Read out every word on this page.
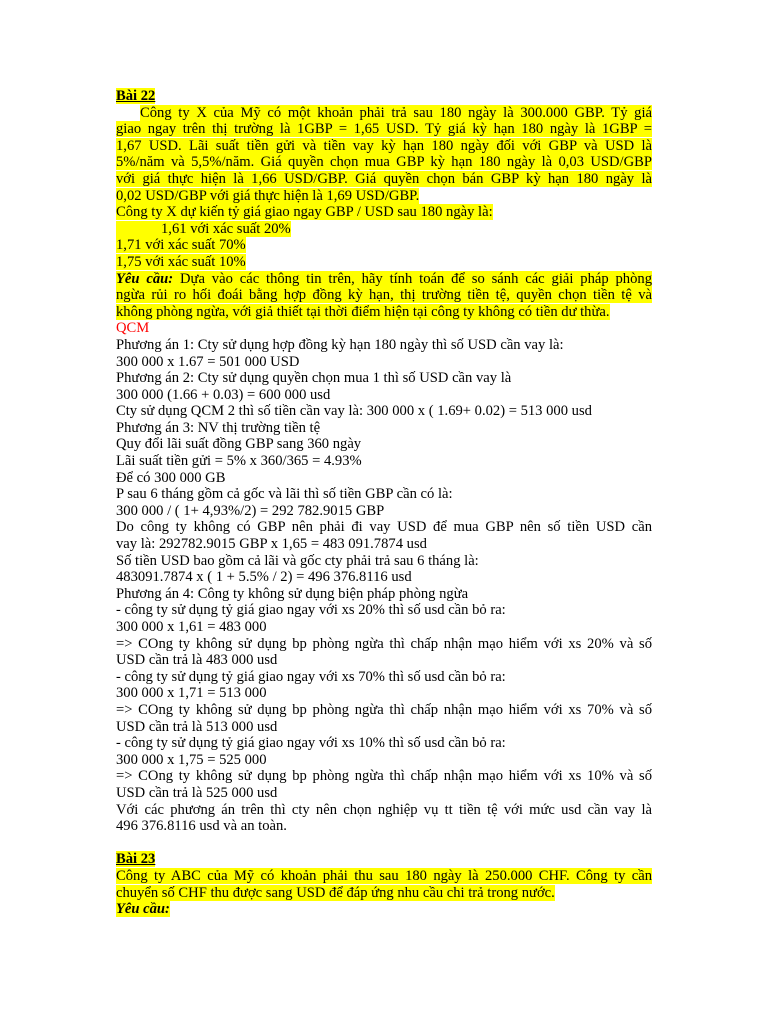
Bài 22
Công ty X của Mỹ có một khoản phải trả sau 180 ngày là 300.000 GBP. Tỷ giá
giao ngay trên thị trường là 1GBP = 1,65 USD. Tỷ giá kỳ hạn 180 ngày là 1GBP =
1,67 USD. Lãi suất tiền gửi và tiền vay kỳ hạn 180 ngày đối với GBP và USD là
5%/năm và 5,5%/năm. Giá quyền chọn mua GBP kỳ hạn 180 ngày là 0,03 USD/GBP
với giá thực hiện là 1,66 USD/GBP. Giá quyền chọn bán GBP kỳ hạn 180 ngày là
0,02 USD/GBP với giá thực hiện là 1,69 USD/GBP.
Công ty X dự kiến tỷ giá giao ngay GBP / USD sau 180 ngày là:
1,61 với xác suất 20%
1,71 với xác suất 70%
1,75 với xác suất 10%
Yêu cầu: Dựa vào các thông tin trên, hãy tính toán để so sánh các giải pháp phòng
ngừa rủi ro hối đoái bằng hợp đồng kỳ hạn, thị trường tiền tệ, quyền chọn tiền tệ và
không phòng ngừa, với giả thiết tại thời điểm hiện tại công ty không có tiền dư thừa.
QCM
Phương án 1: Cty sử dụng hợp đồng kỳ hạn 180 ngày thì số USD cần vay là:
300 000 x 1.67 = 501 000 USD
Phương án 2: Cty sử dụng quyền chọn mua 1 thì số USD cần vay là
300 000 (1.66 + 0.03) = 600 000 usd
Cty sử dụng QCM 2 thì số tiền cần vay là: 300 000 x ( 1.69+ 0.02) = 513 000 usd
Phương án 3: NV thị trường tiền tệ
Quy đổi lãi suất đồng GBP sang 360 ngày
Lãi suất tiền gửi = 5% x 360/365 = 4.93%
Để có 300 000 GB
P sau 6 tháng gồm cả gốc và lãi thì số tiền GBP cần có là:
300 000 / ( 1+ 4,93%/2) = 292 782.9015 GBP
Do công ty không có GBP nên phải đi vay USD để mua GBP nên số tiền USD cần
vay là: 292782.9015 GBP x 1,65 = 483 091.7874 usd
Số tiền USD bao gồm cả lãi và gốc cty phải trả sau 6 tháng là:
483091.7874 x ( 1 + 5.5% / 2) = 496 376.8116 usd
Phương án 4: Công ty không sử dụng biện pháp phòng ngừa
- công ty sử dụng tỷ giá giao ngay với xs 20% thì số usd cần bỏ ra:
300 000 x 1,61 = 483 000
=> COng ty không sử dụng bp phòng ngừa thì chấp nhận mạo hiểm với xs 20% và số
USD cần trả là 483 000 usd
- công ty sử dụng tỷ giá giao ngay với xs 70% thì số usd cần bỏ ra:
300 000 x 1,71 = 513 000
=> COng ty không sử dụng bp phòng ngừa thì chấp nhận mạo hiểm với xs 70% và số
USD cần trả là 513 000 usd
- công ty sử dụng tỷ giá giao ngay với xs 10% thì số usd cần bỏ ra:
300 000 x 1,75 = 525 000
=> COng ty không sử dụng bp phòng ngừa thì chấp nhận mạo hiểm với xs 10% và số
USD cần trả là 525 000 usd
Với các phương án trên thì cty nên chọn nghiệp vụ tt tiền tệ với mức usd cần vay là
496 376.8116 usd và an toàn.
Bài 23
Công ty ABC của Mỹ có khoản phải thu sau 180 ngày là 250.000 CHF. Công ty cần
chuyển số CHF thu được sang USD để đáp ứng nhu cầu chi trả trong nước.
Yêu cầu:
